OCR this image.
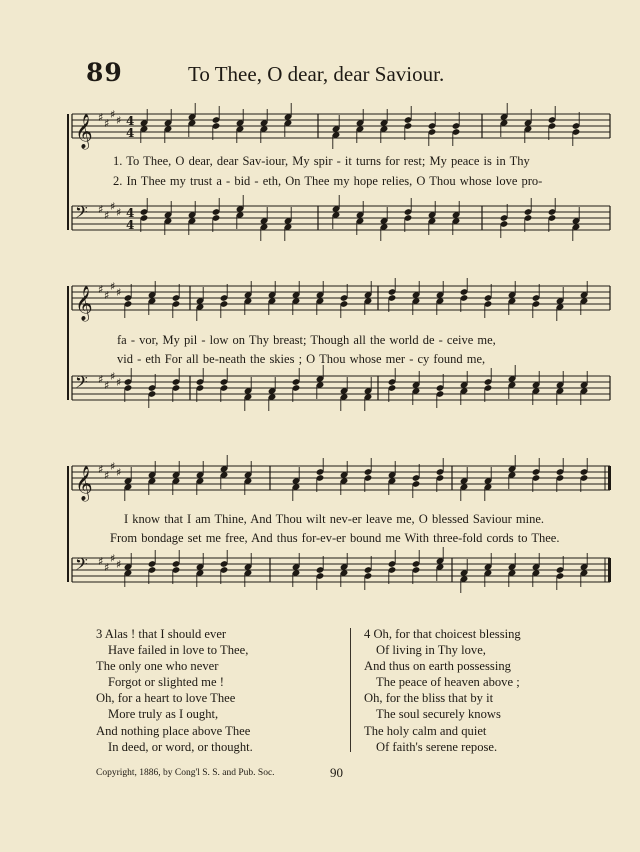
89	To Thee, O dear, dear Saviour.
𝄞 ♯ ♯
♯ ♯ 4
4
𝄢 ♯ ♯
♯ ♯ 4
4
1. To Thee, O dear, dear Sav-iour, My spir - it turns for rest; My peace is in Thy
2. In Thee my trust a - bid - eth, On Thee my hope relies, O Thou whose love pro-
𝄞 ♯ ♯
♯ ♯
𝄢 ♯ ♯
♯ ♯
fa - vor, My pil - low on Thy breast; Though all the world de - ceive me,
vid - eth For all be-neath the skies ; O Thou whose mer - cy found me,
𝄞 ♯ ♯
♯ ♯
𝄢 ♯ ♯
♯ ♯
I know that I am Thine, And Thou wilt nev-er leave me, O blessed Saviour mine.
From bondage set me free, And thus for-ev-er bound me With three-fold cords to Thee.
3 Alas ! that I should ever
Have failed in love to Thee,
The only one who never
Forgot or slighted me !
Oh, for a heart to love Thee
More truly as I ought,
And nothing place above Thee
In deed, or word, or thought.
4 Oh, for that choicest blessing
Of living in Thy love,
And thus on earth possessing
The peace of heaven above ;
Oh, for the bliss that by it
The soul securely knows
The holy calm and quiet
Of faith's serene repose.
Copyright, 1886, by Cong'l S. S. and Pub. Soc.	90
